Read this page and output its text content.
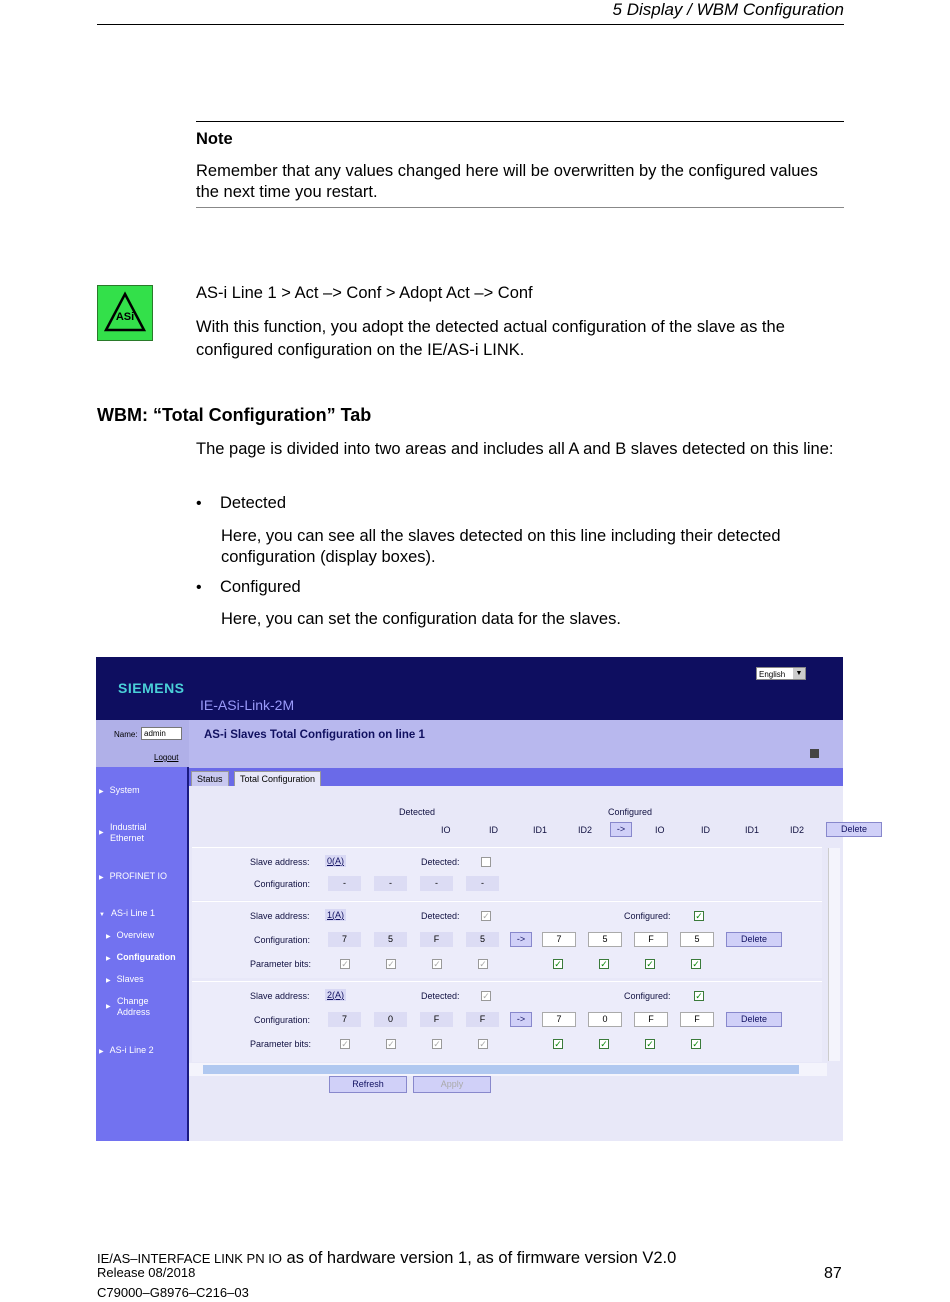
5 Display / WBM Configuration
Note
Remember that any values changed here will be overwritten by the configured values the next time you restart.
ASi
AS-i Line 1 > Act –> Conf > Adopt Act –> Conf
With this function, you adopt the detected actual configuration of the slave as the configured configuration on the IE/AS-i LINK.
WBM: “Total Configuration” Tab
The page is divided into two areas and includes all A and B slaves detected on this line:
• Detected
Here, you can see all the slaves detected on this line including their detected configuration (display boxes).
• Configured
Here, you can set the configuration data for the slaves.
SIEMENS
IE-ASi-Link-2M
English	▼
Name: admin
Logout
▶ System
▶
Industrial Ethernet
▶ PROFINET IO
▼ AS-i Line 1
▶ Overview
▶ Configuration
▶ Slaves
▶
Change Address
▶ AS-i Line 2
AS-i Slaves Total Configuration on line 1
Status	Total Configuration
Detected	Configured
IO	ID	ID1	ID2	->	IO	ID	ID1	ID2	Delete
Slave address: 0(A)	Detected:
Configuration:	-	-	-	-
Slave address: 1(A)	Detected:	✓	Configured:	✓
Configuration:	7	5	F	5	->	7	5	F	5	Delete
Parameter bits:	✓	✓	✓	✓	✓	✓	✓	✓
Slave address: 2(A)	Detected:	✓	Configured:	✓
Configuration:	7	0	F	F	->	7	0	F	F	Delete
Parameter bits:	✓	✓	✓	✓	✓	✓	✓	✓
Refresh	Apply
IE/AS–INTERFACE LINK PN IO as of hardware version 1, as of firmware version V2.0
Release 08/2018
C79000–G8976–C216–03
87
